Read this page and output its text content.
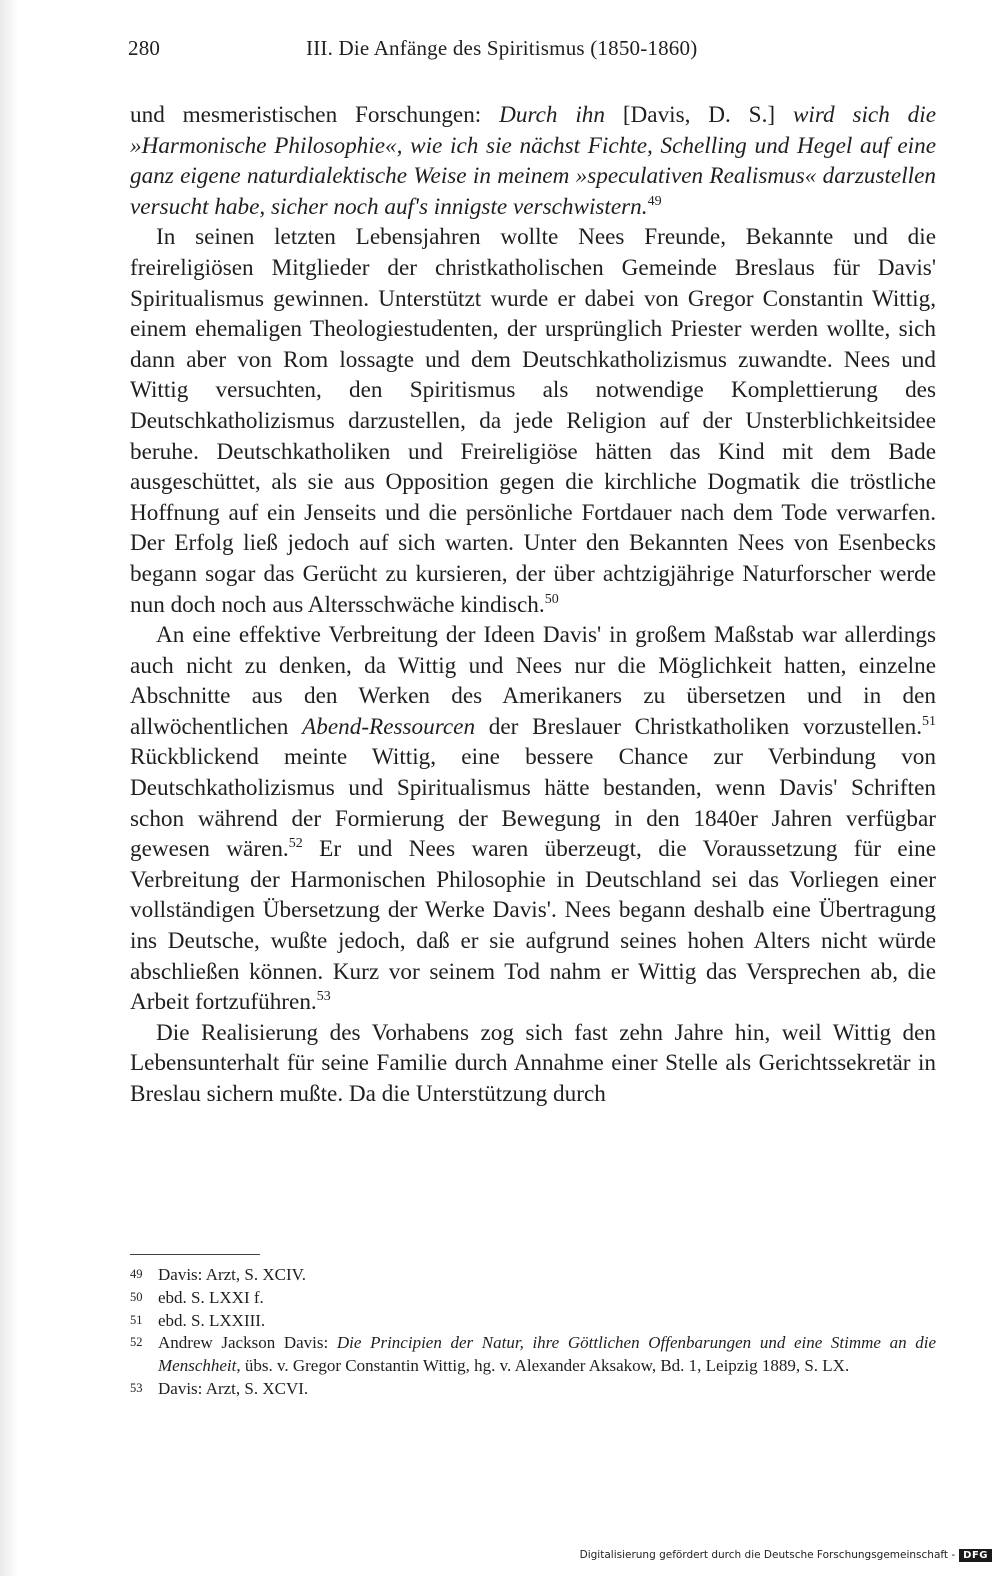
280	III. Die Anfänge des Spiritismus (1850-1860)

und mesmeristischen Forschungen: Durch ihn [Davis, D. S.] wird sich die »Harmonische Philosophie«, wie ich sie nächst Fichte, Schelling und Hegel auf eine ganz eigene naturdialektische Weise in meinem »speculativen Realismus« darzustellen versucht habe, sicher noch auf's innigste verschwistern.$^{49}$

In seinen letzten Lebensjahren wollte Nees Freunde, Bekannte und die freireligiösen Mitglieder der christkatholischen Gemeinde Breslaus für Davis' Spiritualismus gewinnen. Unterstützt wurde er dabei von Gregor Constantin Wittig, einem ehemaligen Theologiestudenten, der ursprünglich Priester werden wollte, sich dann aber von Rom lossagte und dem Deutschkatholizismus zuwandte. Nees und Wittig versuchten, den Spiritismus als notwendige Komplettierung des Deutschkatholizismus darzustellen, da jede Religion auf der Unsterblichkeitsidee beruhe. Deutschkatholiken und Freireligiöse hätten das Kind mit dem Bade ausgeschüttet, als sie aus Opposition gegen die kirchliche Dogmatik die tröstliche Hoffnung auf ein Jenseits und die persönliche Fortdauer nach dem Tode verwarfen. Der Erfolg ließ jedoch auf sich warten. Unter den Bekannten Nees von Esenbecks begann sogar das Gerücht zu kursieren, der über achtzigjährige Naturforscher werde nun doch noch aus Altersschwäche kindisch.$^{50}$

An eine effektive Verbreitung der Ideen Davis' in großem Maßstab war allerdings auch nicht zu denken, da Wittig und Nees nur die Möglichkeit hatten, einzelne Abschnitte aus den Werken des Amerikaners zu übersetzen und in den allwöchentlichen Abend-Ressourcen der Breslauer Christkatholiken vorzustellen.$^{51}$ Rückblickend meinte Wittig, eine bessere Chance zur Verbindung von Deutschkatholizismus und Spiritualismus hätte bestanden, wenn Davis' Schriften schon während der Formierung der Bewegung in den 1840er Jahren verfügbar gewesen wären.$^{52}$ Er und Nees waren überzeugt, die Voraussetzung für eine Verbreitung der Harmonischen Philosophie in Deutschland sei das Vorliegen einer vollständigen Übersetzung der Werke Davis'. Nees begann deshalb eine Übertragung ins Deutsche, wußte jedoch, daß er sie aufgrund seines hohen Alters nicht würde abschließen können. Kurz vor seinem Tod nahm er Wittig das Versprechen ab, die Arbeit fortzuführen.$^{53}$

Die Realisierung des Vorhabens zog sich fast zehn Jahre hin, weil Wittig den Lebensunterhalt für seine Familie durch Annahme einer Stelle als Gerichtssekretär in Breslau sichern mußte. Da die Unterstützung durch

49 Davis: Arzt, S. XCIV.
50 ebd. S. LXXI f.
51 ebd. S. LXXIII.
52 Andrew Jackson Davis: Die Principien der Natur, ihre Göttlichen Offenbarungen und eine Stimme an die Menschheit, übs. v. Gregor Constantin Wittig, hg. v. Alexander Aksakow, Bd. 1, Leipzig 1889, S. LX.
53 Davis: Arzt, S. XCVI.
Digitalisierung gefördert durch die Deutsche Forschungsgemeinschaft - DFG
